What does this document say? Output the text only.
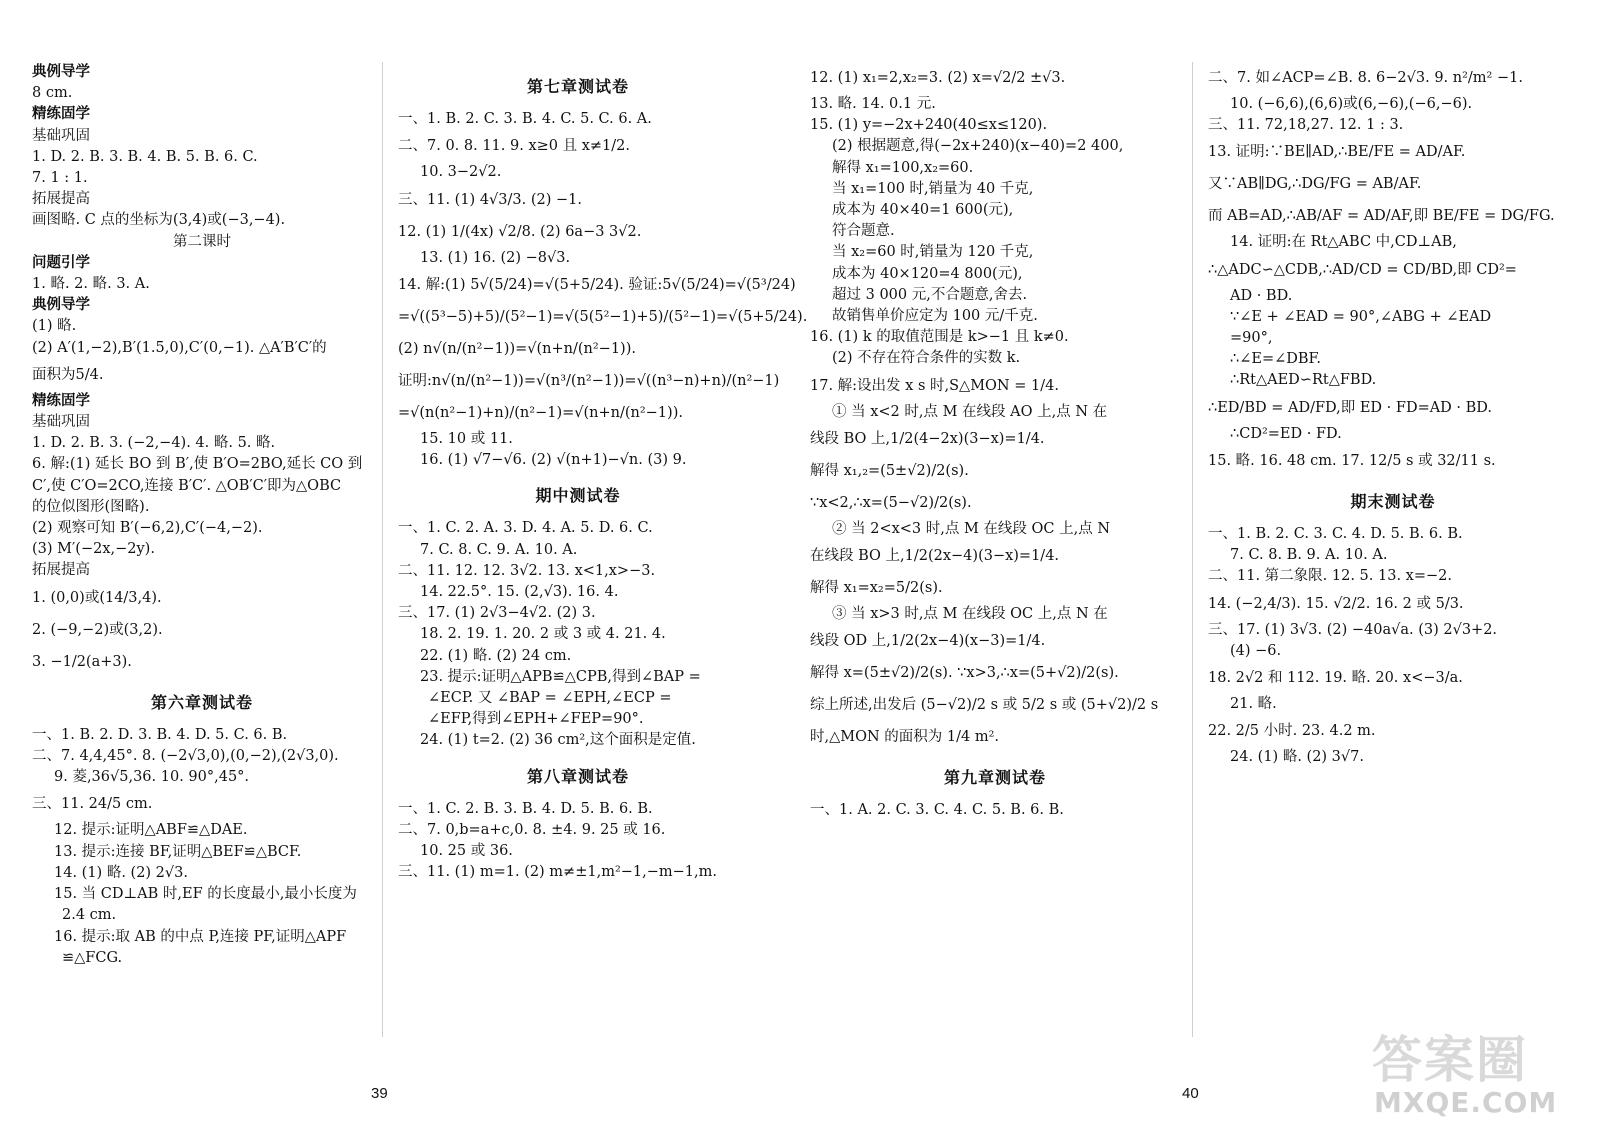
典例导学

8 cm.

精练固学

基础巩固

1. D. 2. B. 3. B. 4. B. 5. B. 6. C.

7. 1 : 1.

拓展提高

画图略. C 点的坐标为(3,4)或(−3,−4).

第二课时

问题引学

1. 略. 2. 略. 3. A.

典例导学

(1) 略.

(2) A′(1,−2),B′(1.5,0),C′(0,−1). △A′B′C′的

面积为5/4.

精练固学

基础巩固

1. D. 2. B. 3. (−2,−4). 4. 略. 5. 略.

6. 解:(1) 延长 BO 到 B′,使 B′O=2BO,延长 CO 到

C′,使 C′O=2CO,连接 B′C′. △OB′C′即为△OBC

的位似图形(图略).

(2) 观察可知 B′(−6,2),C′(−4,−2).

(3) M′(−2x,−2y).

拓展提高

1. (0,0)或(14/3,4).

2. (−9,−2)或(3,2).

3. −1/2(a+3).

第六章测试卷

一、1. B. 2. D. 3. B. 4. D. 5. C. 6. B.

二、7. 4,4,45°. 8. (−2√3,0),(0,−2),(2√3,0).

9. 菱,36√5,36. 10. 90°,45°.

三、11. 24/5 cm.

12. 提示:证明△ABF≌△DAE.

13. 提示:连接 BF,证明△BEF≌△BCF.

14. (1) 略. (2) 2√3.

15. 当 CD⊥AB 时,EF 的长度最小,最小长度为

2.4 cm.

16. 提示:取 AB 的中点 P,连接 PF,证明△APF

≌△FCG.

第七章测试卷

一、1. B. 2. C. 3. B. 4. C. 5. C. 6. A.

二、7. 0. 8. 11. 9. x≥0 且 x≠1/2.

10. 3−2√2.

三、11. (1) 4√3/3. (2) −1.

12. (1) 1/(4x) √2/8. (2) 6a−3 3√2.

13. (1) 16. (2) −8√3.

14. 解:(1) 5√(5/24)=√(5+5/24). 验证:5√(5/24)=√(5³/24)

=√((5³−5)+5)/(5²−1)=√(5(5²−1)+5)/(5²−1)=√(5+5/24).

(2) n√(n/(n²−1))=√(n+n/(n²−1)).

证明:n√(n/(n²−1))=√(n³/(n²−1))=√((n³−n)+n)/(n²−1)

=√(n(n²−1)+n)/(n²−1)=√(n+n/(n²−1)).

15. 10 或 11.

16. (1) √7−√6. (2) √(n+1)−√n. (3) 9.

期中测试卷

一、1. C. 2. A. 3. D. 4. A. 5. D. 6. C.

7. C. 8. C. 9. A. 10. A.

二、11. 12. 12. 3√2. 13. x<1,x>−3.

14. 22.5°. 15. (2,√3). 16. 4.

三、17. (1) 2√3−4√2. (2) 3.

18. 2. 19. 1. 20. 2 或 3 或 4. 21. 4.

22. (1) 略. (2) 24 cm.

23. 提示:证明△APB≌△CPB,得到∠BAP =

∠ECP. 又 ∠BAP = ∠EPH,∠ECP =

∠EFP,得到∠EPH+∠FEP=90°.

24. (1) t=2. (2) 36 cm²,这个面积是定值.

第八章测试卷

一、1. C. 2. B. 3. B. 4. D. 5. B. 6. B.

二、7. 0,b=a+c,0. 8. ±4. 9. 25 或 16.

10. 25 或 36.

三、11. (1) m=1. (2) m≠±1,m²−1,−m−1,m.

39

12. (1) x₁=2,x₂=3. (2) x=√2/2 ±√3.

13. 略. 14. 0.1 元.

15. (1) y=−2x+240(40≤x≤120).

(2) 根据题意,得(−2x+240)(x−40)=2 400,

解得 x₁=100,x₂=60.

当 x₁=100 时,销量为 40 千克,

成本为 40×40=1 600(元),

符合题意.

当 x₂=60 时,销量为 120 千克,

成本为 40×120=4 800(元),

超过 3 000 元,不合题意,舍去.

故销售单价应定为 100 元/千克.

16. (1) k 的取值范围是 k>−1 且 k≠0.

(2) 不存在符合条件的实数 k.

17. 解:设出发 x s 时,S△MON = 1/4.

① 当 x<2 时,点 M 在线段 AO 上,点 N 在

线段 BO 上,1/2(4−2x)(3−x)=1/4.

解得 x₁,₂=(5±√2)/2(s).

∵x<2,∴x=(5−√2)/2(s).

② 当 2<x<3 时,点 M 在线段 OC 上,点 N

在线段 BO 上,1/2(2x−4)(3−x)=1/4.

解得 x₁=x₂=5/2(s).

③ 当 x>3 时,点 M 在线段 OC 上,点 N 在

线段 OD 上,1/2(2x−4)(x−3)=1/4.

解得 x=(5±√2)/2(s). ∵x>3,∴x=(5+√2)/2(s).

综上所述,出发后 (5−√2)/2 s 或 5/2 s 或 (5+√2)/2 s

时,△MON 的面积为 1/4 m².

第九章测试卷

一、1. A. 2. C. 3. C. 4. C. 5. B. 6. B.

二、7. 如∠ACP=∠B. 8. 6−2√3. 9. n²/m² −1.

10. (−6,6),(6,6)或(6,−6),(−6,−6).

三、11. 72,18,27. 12. 1 : 3.

13. 证明:∵BE∥AD,∴BE/FE = AD/AF.

又∵AB∥DG,∴DG/FG = AB/AF.

而 AB=AD,∴AB/AF = AD/AF,即 BE/FE = DG/FG.

14. 证明:在 Rt△ABC 中,CD⊥AB,

∴△ADC∽△CDB,∴AD/CD = CD/BD,即 CD²=

AD · BD.

∵∠E + ∠EAD = 90°,∠ABG + ∠EAD

=90°,

∴∠E=∠DBF.

∴Rt△AED∽Rt△FBD.

∴ED/BD = AD/FD,即 ED · FD=AD · BD.

∴CD²=ED · FD.

15. 略. 16. 48 cm. 17. 12/5 s 或 32/11 s.

期末测试卷

一、1. B. 2. C. 3. C. 4. D. 5. B. 6. B.

7. C. 8. B. 9. A. 10. A.

二、11. 第二象限. 12. 5. 13. x=−2.

14. (−2,4/3). 15. √2/2. 16. 2 或 5/3.

三、17. (1) 3√3. (2) −40a√a. (3) 2√3+2.

(4) −6.

18. 2√2 和 112. 19. 略. 20. x<−3/a.

21. 略.

22. 2/5 小时. 23. 4.2 m.

24. (1) 略. (2) 3√7.

40
答案圈
MXQE.COM
